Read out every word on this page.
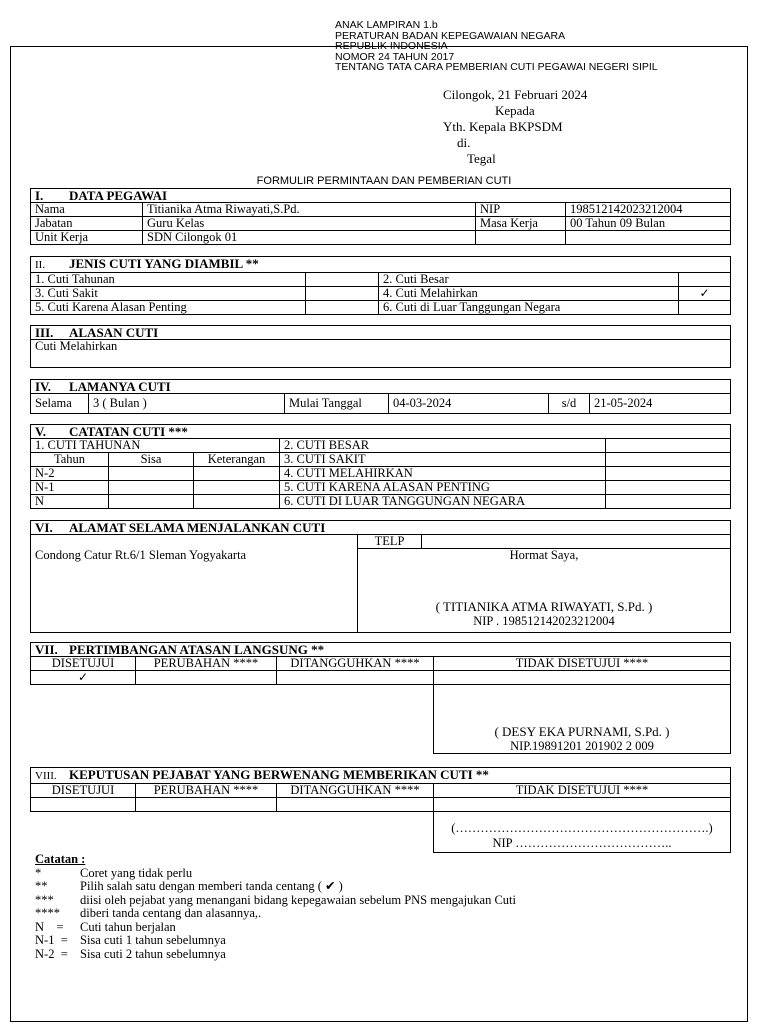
ANAK LAMPIRAN 1.b
PERATURAN BADAN KEPEGAWAIAN NEGARA
REPUBLIK INDONESIA
NOMOR 24 TAHUN 2017
TENTANG TATA CARA PEMBERIAN CUTI PEGAWAI NEGERI SIPIL
Cilongok, 21 Februari 2024
Kepada
Yth. Kepala BKPSDM
di.
Tegal
FORMULIR PERMINTAAN DAN PEMBERIAN CUTI
I. DATA PEGAWAI			
Nama	Titianika Atma Riwayati,S.Pd.	NIP	198512142023212004
Jabatan	Guru Kelas	Masa Kerja	00 Tahun 09 Bulan
Unit Kerja	SDN Cilongok 01		
II. JENIS CUTI YANG DIAMBIL **			
1. Cuti Tahunan		2. Cuti Besar	
3. Cuti Sakit		4. Cuti Melahirkan	✓
5. Cuti Karena Alasan Penting		6. Cuti di Luar Tanggungan Negara	
III. ALASAN CUTI
Cuti Melahirkan
IV. LAMANYA CUTI
Selama	3 ( Bulan )	Mulai Tanggal	04-03-2024	s/d	21-05-2024
V. CATATAN CUTI ***				
1. CUTI TAHUNAN			2. CUTI BESAR	
Tahun	Sisa	Keterangan	3. CUTI SAKIT	
N-2			4. CUTI MELAHIRKAN	
N-1			5. CUTI KARENA ALASAN PENTING	
N			6. CUTI DI LUAR TANGGUNGAN NEGARA	
VI. ALAMAT SELAMA MENJALANKAN CUTI		
	TELP	
Condong Catur Rt.6/1 Sleman Yogyakarta	Hormat Saya,
( TITIANIKA ATMA RIWAYATI, S.Pd. )
NIP . 198512142023212004	
VII. PERTIMBANGAN ATASAN LANGSUNG **			
DISETUJUI	PERUBAHAN ****	DITANGGUHKAN ****	TIDAK DISETUJUI ****
✓			

			( DESY EKA PURNAMI, S.Pd. )
NIP.19891201 201902 2 009
VIII. KEPUTUSAN PEJABAT YANG BERWENANG MEMBERIKAN CUTI **			
DISETUJUI	PERUBAHAN ****	DITANGGUHKAN ****	TIDAK DISETUJUI ****

			(…………………………………………………….)
NIP ………………………………..
Catatan :
*	Coret yang tidak perlu
**	Pilih salah satu dengan memberi tanda centang ( ✔ )
***	diisi oleh pejabat yang menangani bidang kepegawaian sebelum PNS mengajukan Cuti
****	diberi tanda centang dan alasannya,.
N    =	Cuti tahun berjalan
N-1  = Sisa cuti 1 tahun sebelumnya
N-2  = Sisa cuti 2 tahun sebelumnya
